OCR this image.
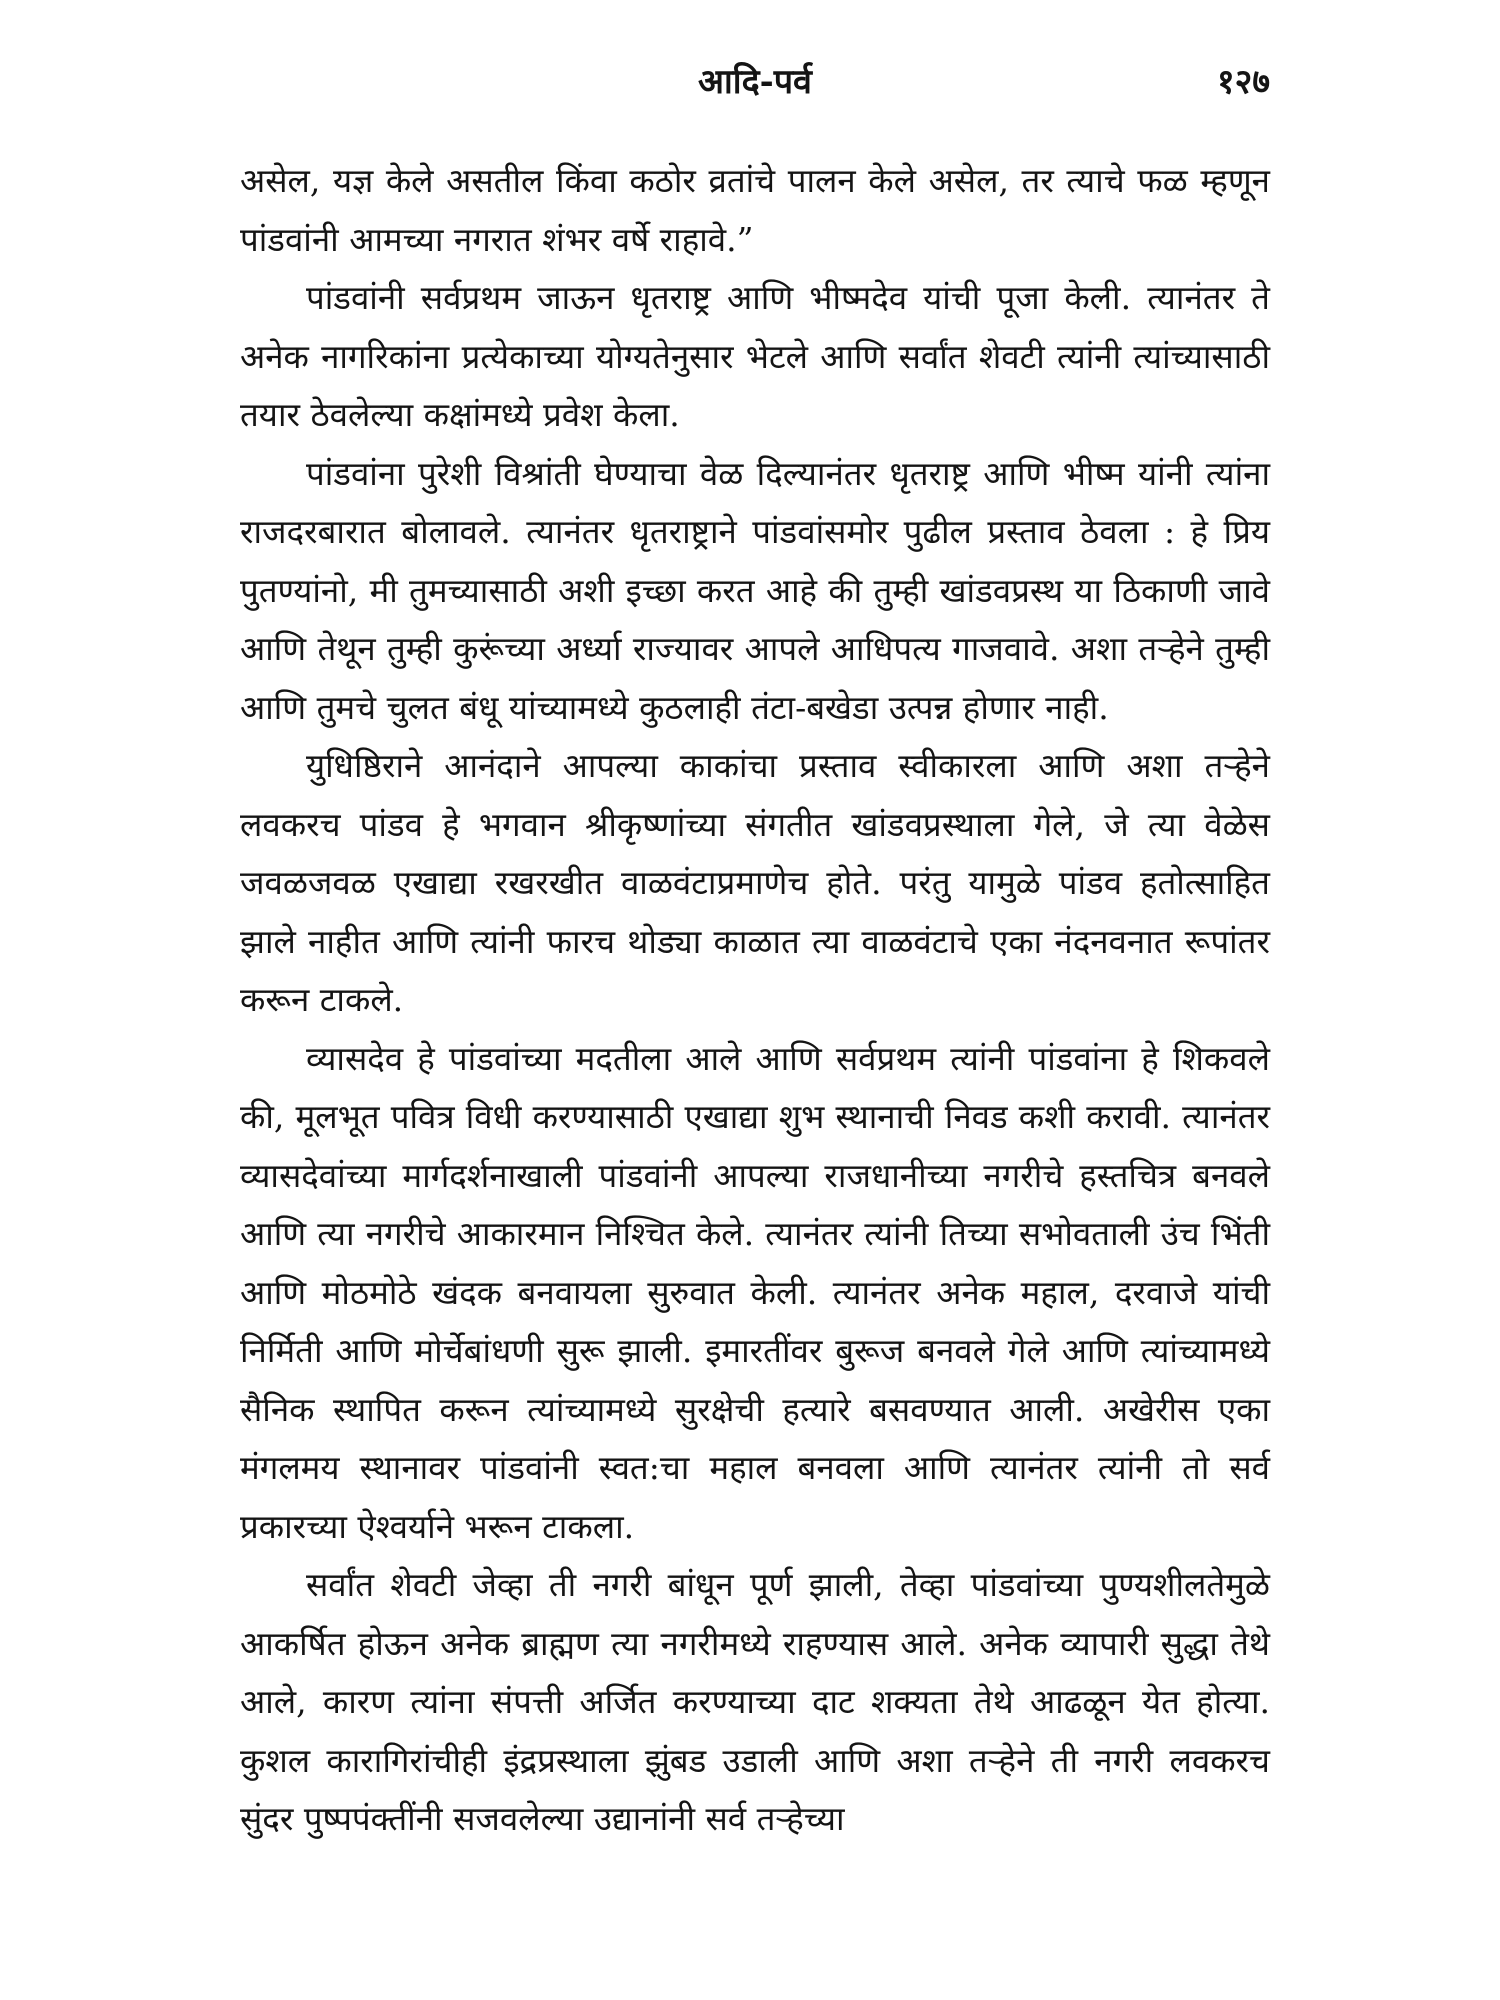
आदि-पर्व	१२७

असेल, यज्ञ केले असतील किंवा कठोर व्रतांचे पालन केले असेल, तर त्याचे फळ म्हणून पांडवांनी आमच्या नगरात शंभर वर्षे राहावे.”

पांडवांनी सर्वप्रथम जाऊन धृतराष्ट्र आणि भीष्मदेव यांची पूजा केली. त्यानंतर ते अनेक नागरिकांना प्रत्येकाच्या योग्यतेनुसार भेटले आणि सर्वांत शेवटी त्यांनी त्यांच्यासाठी तयार ठेवलेल्या कक्षांमध्ये प्रवेश केला.

पांडवांना पुरेशी विश्रांती घेण्याचा वेळ दिल्यानंतर धृतराष्ट्र आणि भीष्म यांनी त्यांना राजदरबारात बोलावले. त्यानंतर धृतराष्ट्राने पांडवांसमोर पुढील प्रस्ताव ठेवला : हे प्रिय पुतण्यांनो, मी तुमच्यासाठी अशी इच्छा करत आहे की तुम्ही खांडवप्रस्थ या ठिकाणी जावे आणि तेथून तुम्ही कुरूंच्या अर्ध्या राज्यावर आपले आधिपत्य गाजवावे. अशा तऱ्हेने तुम्ही आणि तुमचे चुलत बंधू यांच्यामध्ये कुठलाही तंटा-बखेडा उत्पन्न होणार नाही.

युधिष्ठिराने आनंदाने आपल्या काकांचा प्रस्ताव स्वीकारला आणि अशा तऱ्हेने लवकरच पांडव हे भगवान श्रीकृष्णांच्या संगतीत खांडवप्रस्थाला गेले, जे त्या वेळेस जवळजवळ एखाद्या रखरखीत वाळवंटाप्रमाणेच होते. परंतु यामुळे पांडव हतोत्साहित झाले नाहीत आणि त्यांनी फारच थोड्या काळात त्या वाळवंटाचे एका नंदनवनात रूपांतर करून टाकले.

व्यासदेव हे पांडवांच्या मदतीला आले आणि सर्वप्रथम त्यांनी पांडवांना हे शिकवले की, मूलभूत पवित्र विधी करण्यासाठी एखाद्या शुभ स्थानाची निवड कशी करावी. त्यानंतर व्यासदेवांच्या मार्गदर्शनाखाली पांडवांनी आपल्या राजधानीच्या नगरीचे हस्तचित्र बनवले आणि त्या नगरीचे आकारमान निश्चित केले. त्यानंतर त्यांनी तिच्या सभोवताली उंच भिंती आणि मोठमोठे खंदक बनवायला सुरुवात केली. त्यानंतर अनेक महाल, दरवाजे यांची निर्मिती आणि मोर्चेबांधणी सुरू झाली. इमारतींवर बुरूज बनवले गेले आणि त्यांच्यामध्ये सैनिक स्थापित करून त्यांच्यामध्ये सुरक्षेची हत्यारे बसवण्यात आली. अखेरीस एका मंगलमय स्थानावर पांडवांनी स्वत:चा महाल बनवला आणि त्यानंतर त्यांनी तो सर्व प्रकारच्या ऐश्वर्याने भरून टाकला.

सर्वांत शेवटी जेव्हा ती नगरी बांधून पूर्ण झाली, तेव्हा पांडवांच्या पुण्यशीलतेमुळे आकर्षित होऊन अनेक ब्राह्मण त्या नगरीमध्ये राहण्यास आले. अनेक व्यापारी सुद्धा तेथे आले, कारण त्यांना संपत्ती अर्जित करण्याच्या दाट शक्यता तेथे आढळून येत होत्या. कुशल कारागिरांचीही इंद्रप्रस्थाला झुंबड उडाली आणि अशा तऱ्हेने ती नगरी लवकरच सुंदर पुष्पपंक्तींनी सजवलेल्या उद्यानांनी सर्व तऱ्हेच्या
